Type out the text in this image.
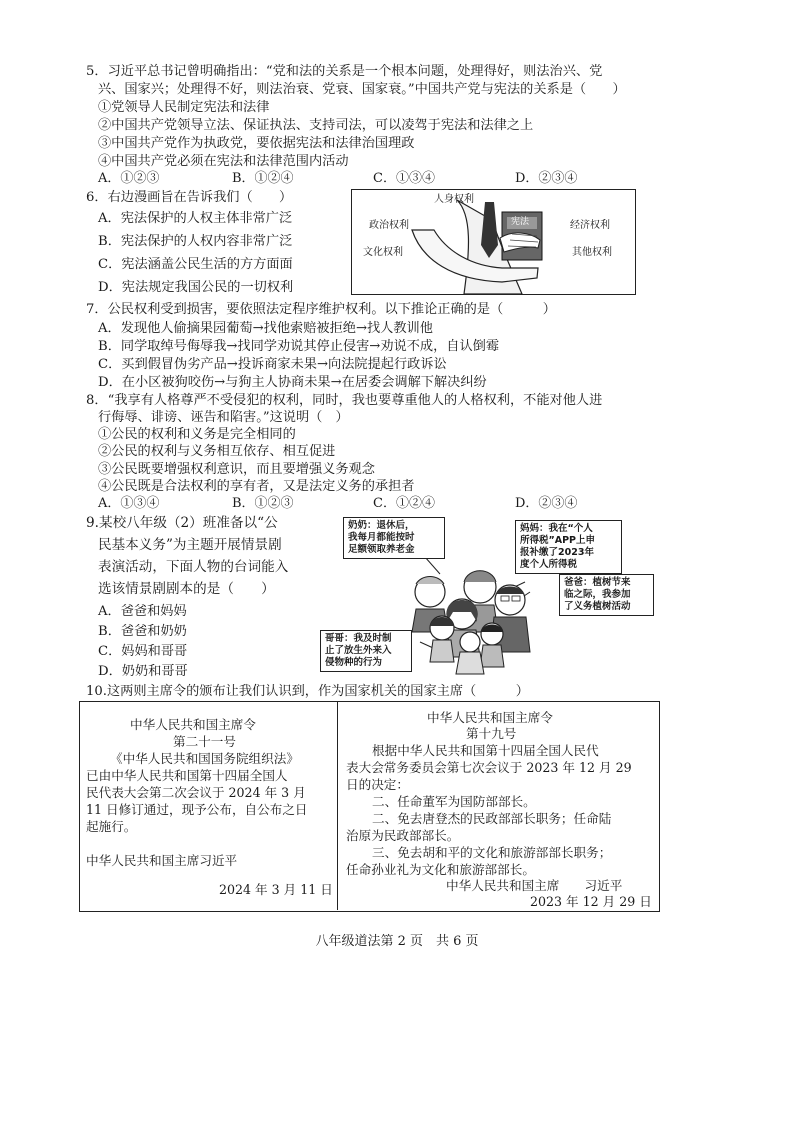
5．习近平总书记曾明确指出：“党和法的关系是一个根本问题，处理得好，则法治兴、党
兴、国家兴；处理得不好，则法治衰、党衰、国家衰。”中国共产党与宪法的关系是（　　）
①党领导人民制定宪法和法律
②中国共产党领导立法、保证执法、支持司法，可以凌驾于宪法和法律之上
③中国共产党作为执政党，要依据宪法和法律治国理政
④中国共产党必须在宪法和法律范围内活动
A．①②③	B．①②④	C．①③④	D．②③④
6．右边漫画旨在告诉我们（　　）
A．宪法保护的人权主体非常广泛
B．宪法保护的人权内容非常广泛
C．宪法涵盖公民生活的方方面面
D．宪法规定我国公民的一切权利
人身权利
政治权利	经济权利
文化权利	其他权利
宪法
7．公民权利受到损害，要依照法定程序维护权利。以下推论正确的是（　　　）
A．发现他人偷摘果园葡萄→找他索赔被拒绝→找人教训他
B．同学取绰号侮辱我→找同学劝说其停止侵害→劝说不成，自认倒霉
C．买到假冒伪劣产品→投诉商家未果→向法院提起行政诉讼
D．在小区被狗咬伤→与狗主人协商未果→在居委会调解下解决纠纷
8．“我享有人格尊严不受侵犯的权利，同时，我也要尊重他人的人格权利，不能对他人进
行侮辱、诽谤、诬告和陷害。”这说明（　）
①公民的权利和义务是完全相同的
②公民的权利与义务相互依存、相互促进
③公民既要增强权利意识，而且要增强义务观念
④公民既是合法权利的享有者，又是法定义务的承担者
A．①③④	B．①②③	C．①②④	D．②③④
9.某校八年级（2）班准备以“公
民基本义务”为主题开展情景剧
表演活动，下面人物的台词能入
选该情景剧剧本的是（　　）
A．爸爸和妈妈
B．爸爸和奶奶
C．妈妈和哥哥
D．奶奶和哥哥
奶奶：退休后，
我每月都能按时
足额领取养老金
妈妈：我在“个人
所得税”APP上申
报补缴了2023年
度个人所得税
爸爸：植树节来
临之际，我参加
了义务植树活动
哥哥：我及时制
止了放生外来入
侵物种的行为
10.这两则主席令的颁布让我们认识到，作为国家机关的国家主席（　　　）
中华人民共和国主席令
第二十一号
《中华人民共和国国务院组织法》
已由中华人民共和国第十四届全国人
民代表大会第二次会议于 2024 年 3 月
11 日修订通过，现予公布，自公布之日
起施行。
中华人民共和国主席习近平
2024 年 3 月 11 日
中华人民共和国主席令
第十九号
根据中华人民共和国第十四届全国人民代
表大会常务委员会第七次会议于 2023 年 12 月 29
日的决定：
二、任命董军为国防部部长。
二、免去唐登杰的民政部部长职务；任命陆
治原为民政部部长。
三、免去胡和平的文化和旅游部部长职务；
任命孙业礼为文化和旅游部部长。
中华人民共和国主席　　习近平
2023 年 12 月 29 日
八年级道法第 2 页　共 6 页
